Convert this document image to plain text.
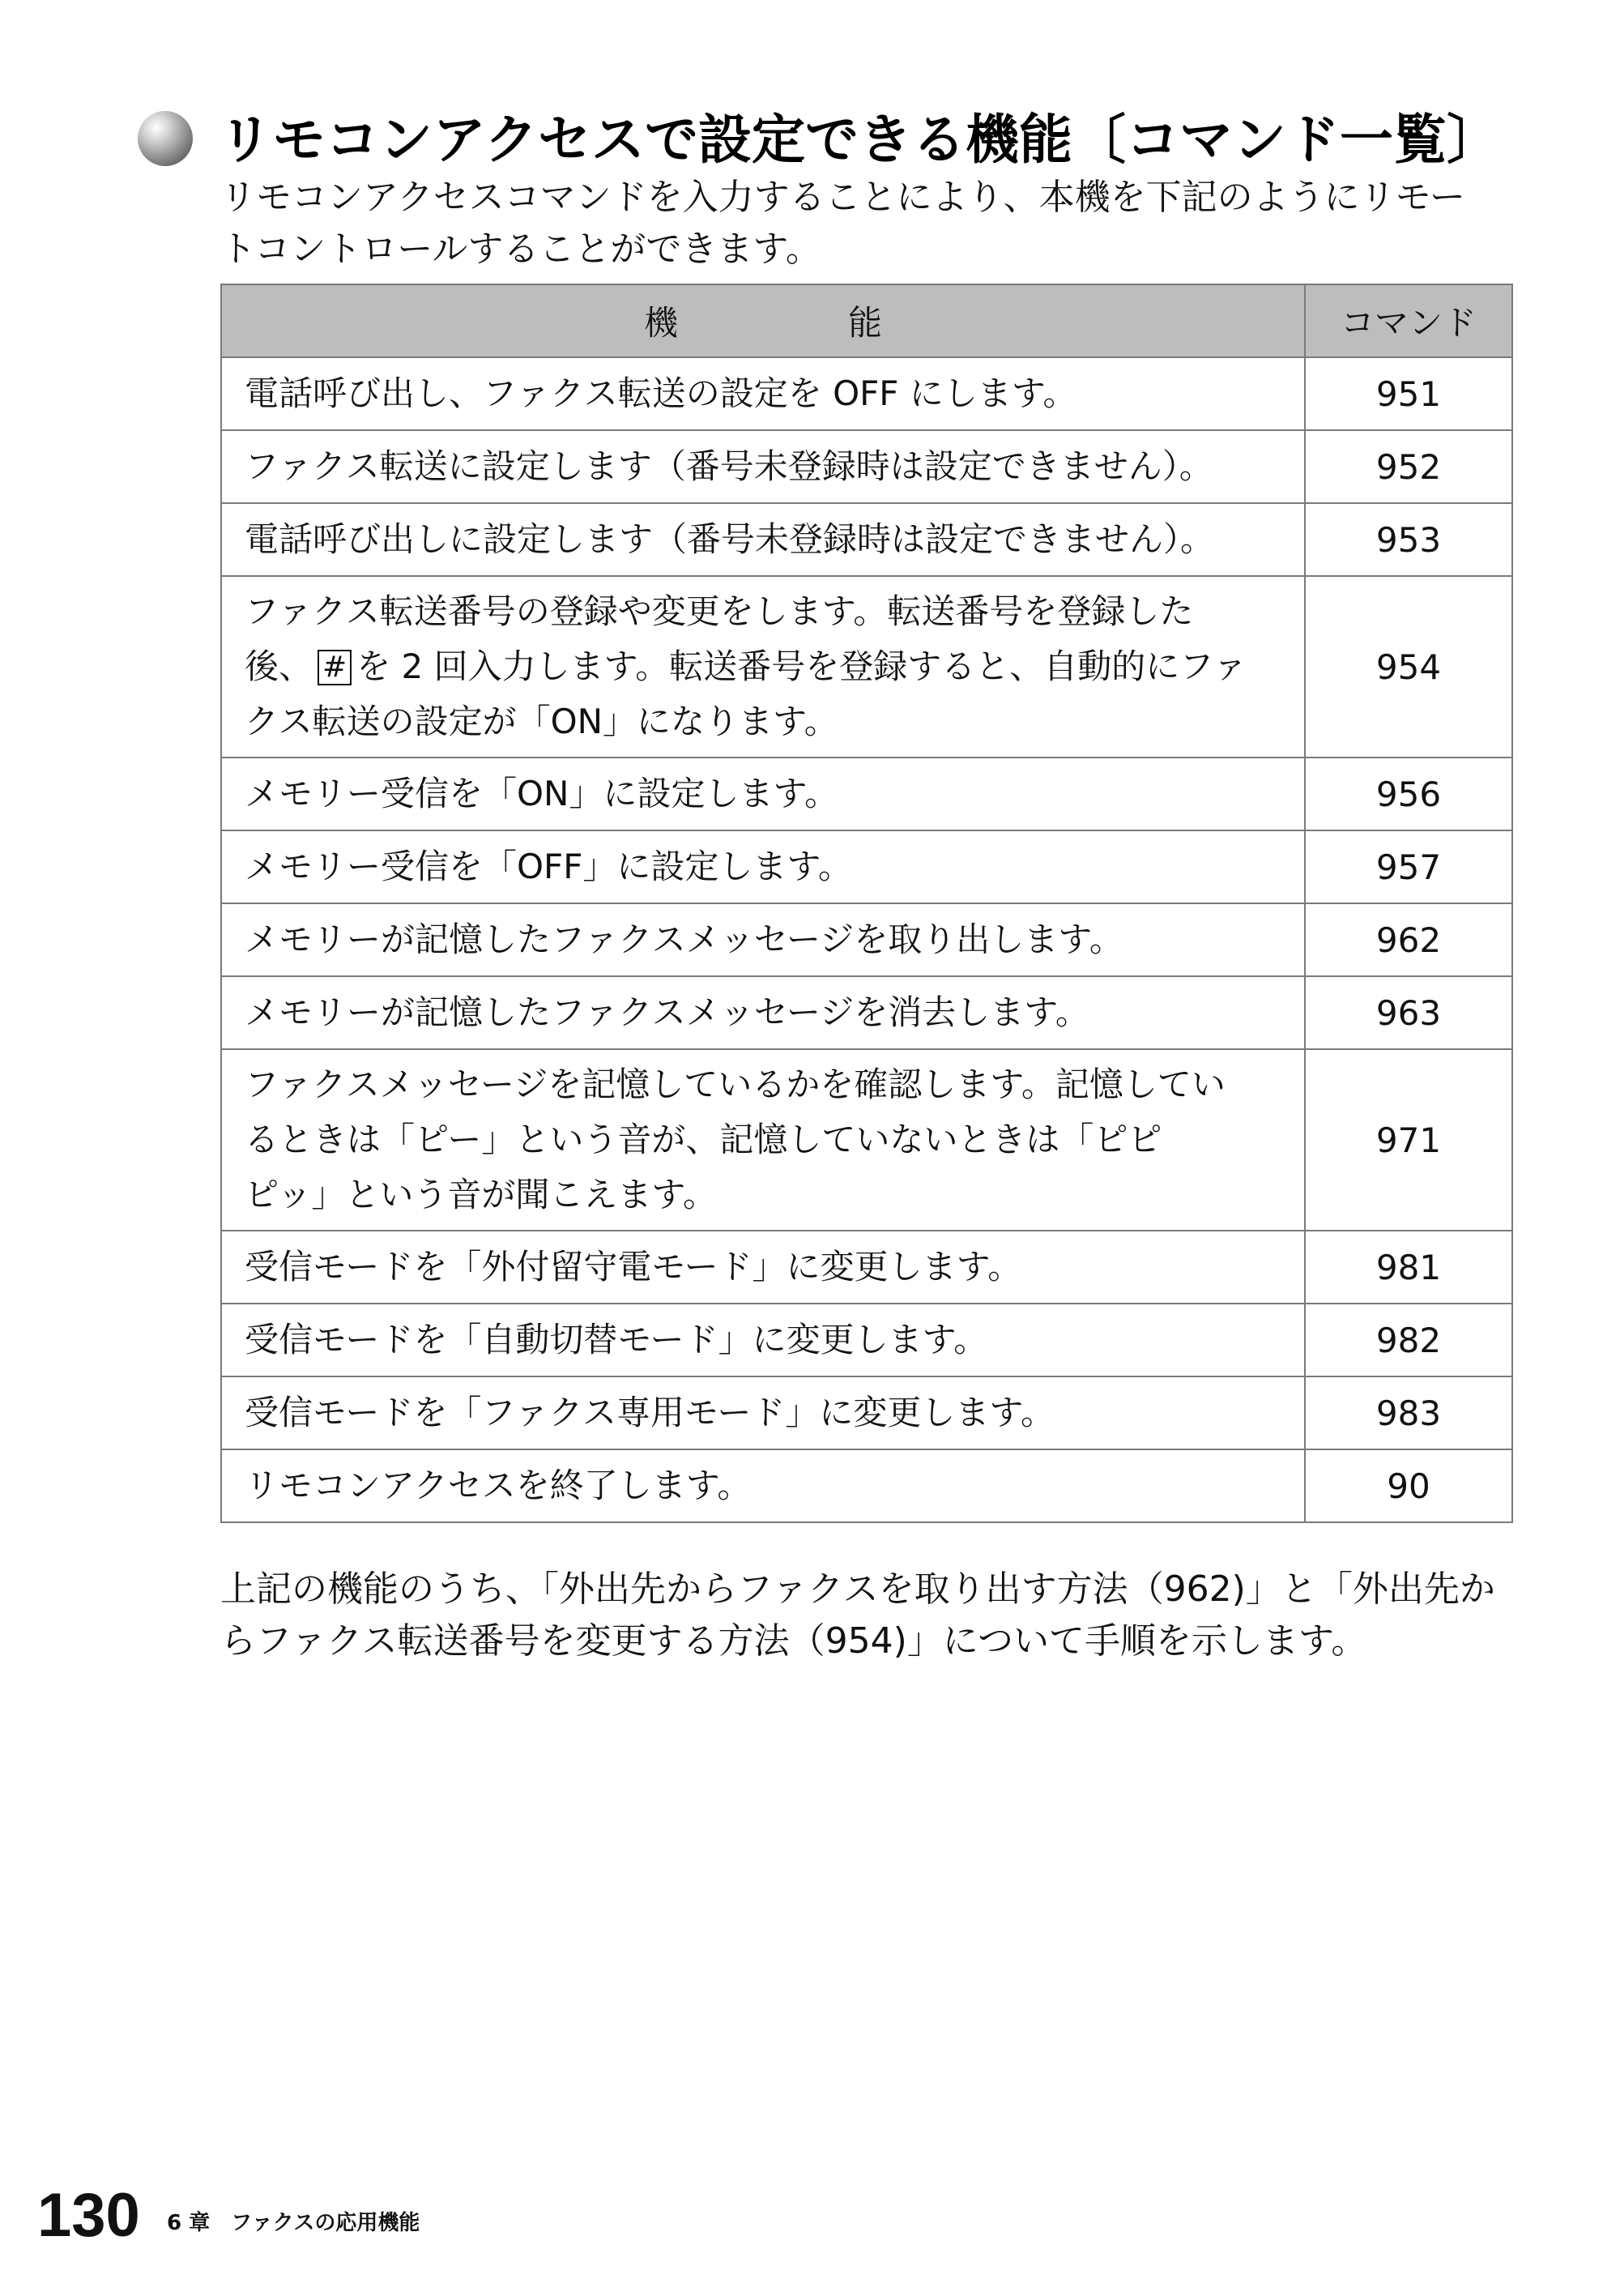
リモコンアクセスで設定できる機能〔コマンド一覧〕

リモコンアクセスコマンドを入力することにより、本機を下記のようにリモー
トコントロールすることができます。

機 能	コマンド
電話呼び出し、ファクス転送の設定を OFF にします。	951
ファクス転送に設定します（番号未登録時は設定できません）。	952
電話呼び出しに設定します（番号未登録時は設定できません）。	953

ファクス転送番号の登録や変更をします。転送番号を登録した
後、 # を 2 回入力します。転送番号を登録すると、自動的にファ
クス転送の設定が「ON」になります。	954
メモリー受信を「ON」に設定します。	956
メモリー受信を「OFF」に設定します。	957
メモリーが記憶したファクスメッセージを取り出します。	962
メモリーが記憶したファクスメッセージを消去します。	963

ファクスメッセージを記憶しているかを確認します。記憶してい
るときは「ピー」という音が、記憶していないときは「ピピ
ピッ」という音が聞こえます。	971
受信モードを「外付留守電モード」に変更します。	981
受信モードを「自動切替モード」に変更します。	982
受信モードを「ファクス専用モード」に変更します。	983
リモコンアクセスを終了します。	90

上記の機能のうち、「外出先からファクスを取り出す方法（962)」と「外出先か
らファクス転送番号を変更する方法（954)」について手順を示します。

130 6 章　ファクスの応用機能
